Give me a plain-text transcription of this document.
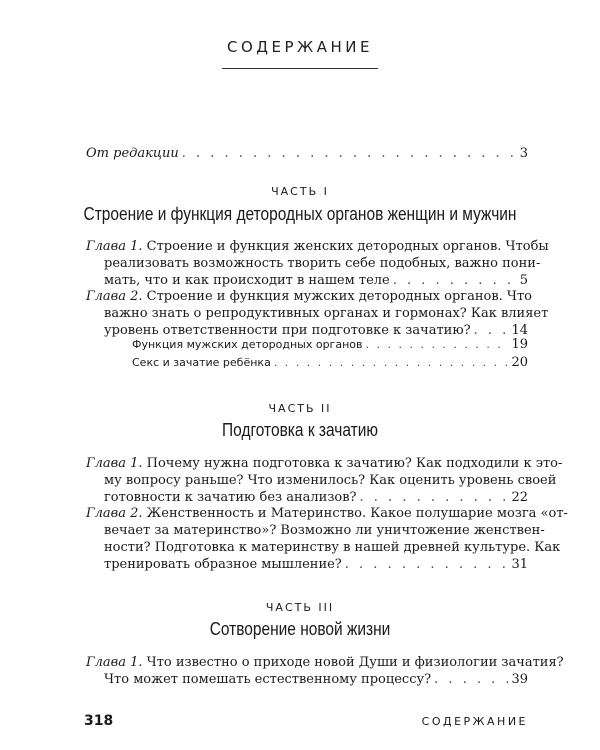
СОДЕРЖАНИЕ
От редакции . . .	3
ЧАСТЬ I
Строение и функция детородных органов женщин и мужчин
Глава 1. Строение и функция женских детородных органов. Чтобы
реализовать возможность творить себе подобных, важно пони-
мать, что и как происходит в нашем теле . . .	5
Глава 2. Строение и функция мужских детородных органов. Что
важно знать о репродуктивных органах и гормонах? Как влияет
уровень ответственности при подготовке к зачатию? . . .	14
Функция мужских детородных органов . . .	19
Секс и зачатие ребёнка . . .	20
ЧАСТЬ II
Подготовка к зачатию
Глава 1. Почему нужна подготовка к зачатию? Как подходили к это-
му вопросу раньше? Что изменилось? Как оценить уровень своей
готовности к зачатию без анализов? . . .	22
Глава 2. Женственность и Материнство. Какое полушарие мозга «от-
вечает за материнство»? Возможно ли уничтожение женствен-
ности? Подготовка к материнству в нашей древней культуре. Как
тренировать образное мышление? . . .	31
ЧАСТЬ III
Сотворение новой жизни
Глава 1. Что известно о приходе новой Души и физиологии зачатия?
Что может помешать естественному процессу? . . .	39
318	СОДЕРЖАНИЕ
